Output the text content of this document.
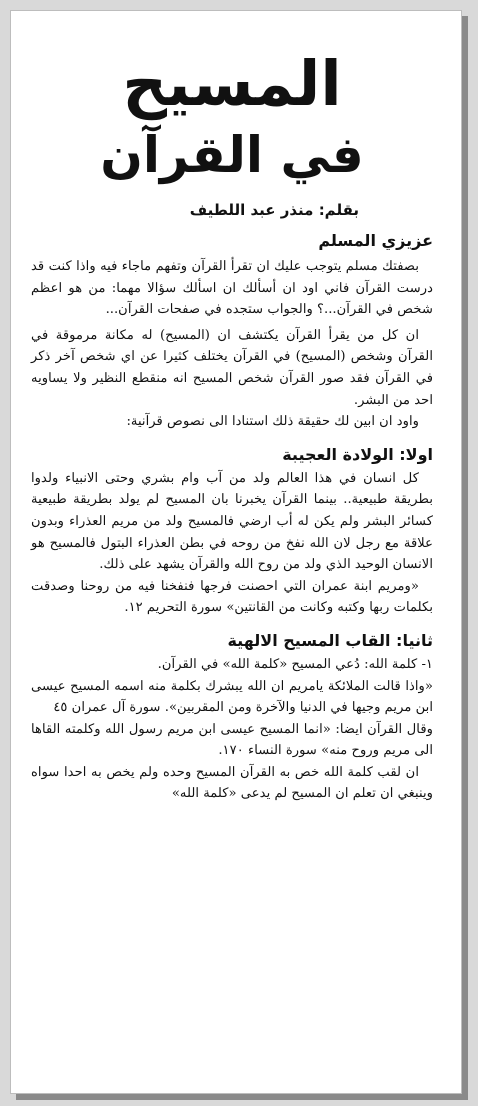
المسيح
في القرآن
بقلم: منذر عبد اللطيف
عزيزي المسلم

بصفتك مسلم يتوجب عليك ان تقرأ القرآن وتفهم ماجاء فيه واذا كنت قد درست القرآن فاني اود ان أسألك ان اسألك سؤالا مهما: من هو اعظم شخص في القرآن...؟ والجواب ستجده في صفحات القرآن...

ان كل من يقرأ القرآن يكتشف ان (المسيح) له مكانة مرموقة في القرآن وشخص (المسيح) في القرآن يختلف كثيرا عن اي شخص آخر ذكر في القرآن فقد صور القرآن شخص المسيح انه منقطع النظير ولا يساويه احد من البشر.

واود ان ابين لك حقيقة ذلك استنادا الى نصوص قرآنية:

اولا: الولادة العجيبة

كل انسان في هذا العالم ولد من آب وام بشري وحتى الانبياء ولدوا بطريقة طبيعية.. بينما القرآن يخبرنا بان المسيح لم يولد بطريقة طبيعية كسائر البشر ولم يكن له أب ارضي فالمسيح ولد من مريم العذراء وبدون علاقة مع رجل لان الله نفخ من روحه في بطن العذراء البتول فالمسيح هو الانسان الوحيد الذي ولد من روح الله والقرآن يشهد على ذلك.

«ومريم ابنة عمران التي احصنت فرجها فنفخنا فيه من روحنا وصدقت بكلمات ربها وكتبه وكانت من القانتين» سورة التحريم ١٢.

ثانيا: القاب المسيح الالهية

١- كلمة الله: دُعي المسيح «كلمة الله» في القرآن.

«واذا قالت الملائكة يامريم ان الله يبشرك بكلمة منه اسمه المسيح عيسى ابن مريم وجيها في الدنيا والآخرة ومن المقربين». سورة آل عمران ٤٥

وقال القرآن ايضا: «انما المسيح عيسى ابن مريم رسول الله وكلمته القاها الى مريم وروح منه» سورة النساء ١٧٠.

ان لقب كلمة الله خص به القرآن المسيح وحده ولم يخص به احدا سواه وينبغي ان تعلم ان المسيح لم يدعى «كلمة الله»
